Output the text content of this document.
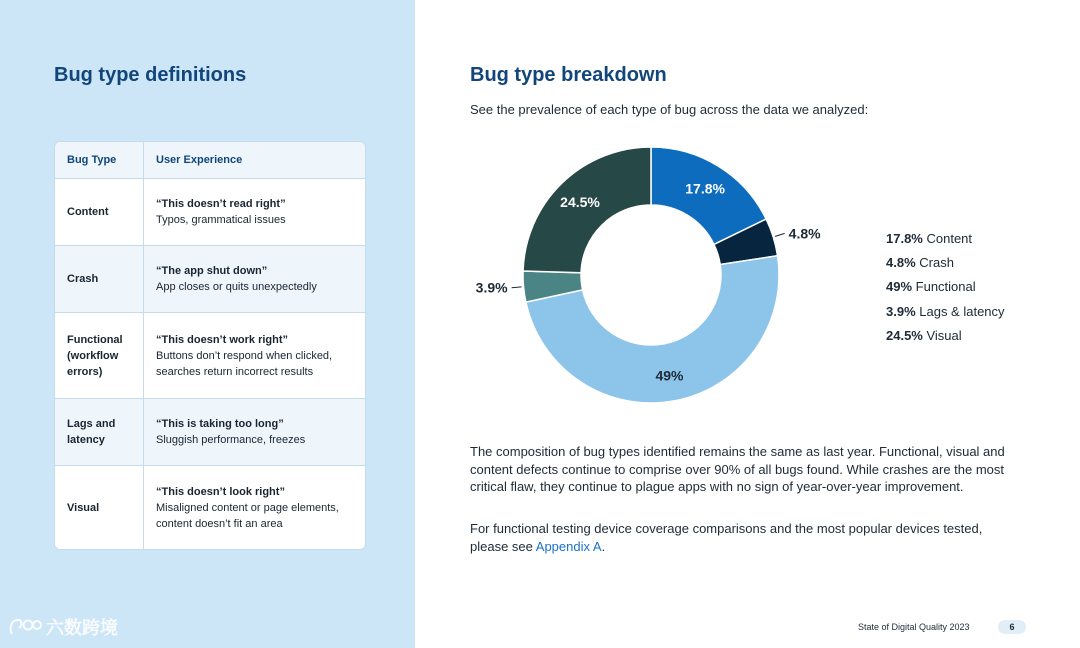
Bug type definitions
Bug Type	User Experience
Content
“This doesn’t read right”
Typos, grammatical issues
Crash
“The app shut down”
App closes or quits unexpectedly
Functional (workflow errors)
“This doesn’t work right”
Buttons don’t respond when clicked, searches return incorrect results
Lags and latency
“This is taking too long”
Sluggish performance, freezes
Visual
“This doesn’t look right”
Misaligned content or page elements, content doesn’t fit an area
六数跨境
Bug type breakdown
See the prevalence of each type of bug across the data we analyzed:
17.8%
4.8%
49%
3.9%
24.5%
17.8% Content
4.8% Crash
49% Functional
3.9% Lags & latency
24.5% Visual
The composition of bug types identified remains the same as last year. Functional, visual and content defects continue to comprise over 90% of all bugs found. While crashes are the most critical flaw, they continue to plague apps with no sign of year-over-year improvement.
For functional testing device coverage comparisons and the most popular devices tested, please see Appendix A.
State of Digital Quality 2023	6
